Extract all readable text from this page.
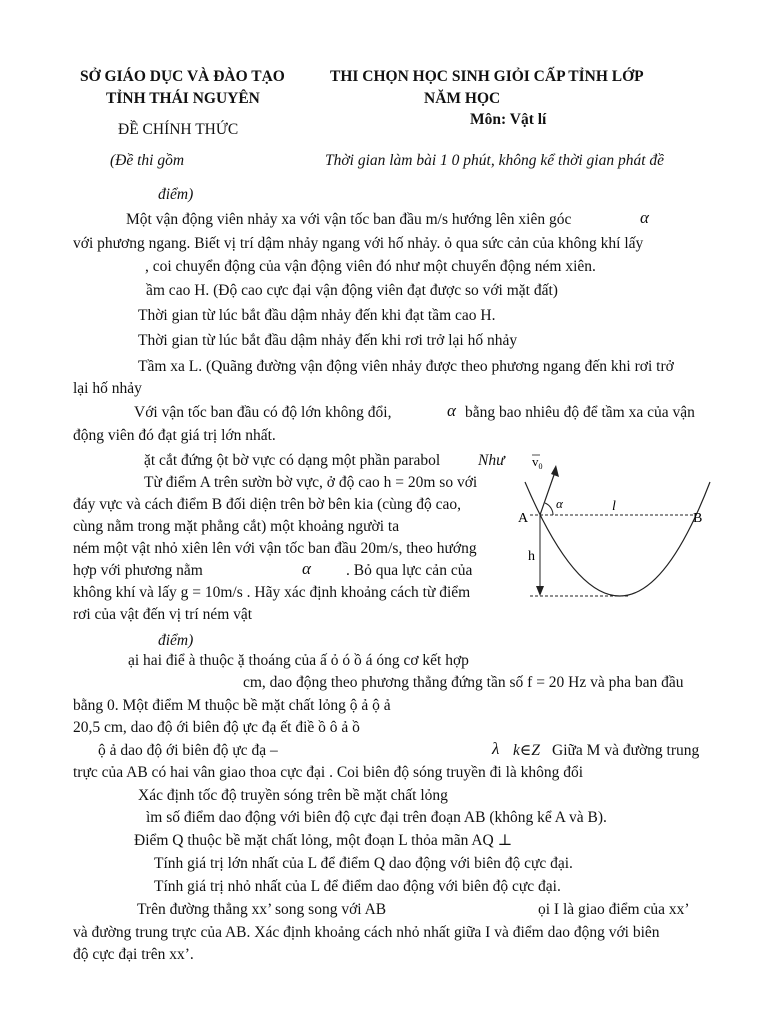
SỞ GIÁO DỤC VÀ ĐÀO TẠO
TỈNH THÁI NGUYÊN
ĐỀ CHÍNH THỨC
(Đề thi gồm
THI CHỌN HỌC SINH GIỎI CẤP TỈNH LỚP
NĂM HỌC
Môn: Vật lí
Thời gian làm bài 1 0 phút, không kể thời gian phát đề
điểm)
Một vận động viên nhảy xa với vận tốc ban đầu m/s hướng lên xiên góc	α
với phương ngang. Biết vị trí dậm nhảy ngang với hố nhảy. ỏ qua sức cản của không khí lấy
, coi chuyển động của vận động viên đó như một chuyển động ném xiên.
ầm cao H. (Độ cao cực đại vận động viên đạt được so với mặt đất)
Thời gian từ lúc bắt đầu dậm nhảy đến khi đạt tầm cao H.
Thời gian từ lúc bắt đầu dậm nhảy đến khi rơi trở lại hố nhảy
Tầm xa L. (Quãng đường vận động viên nhảy được theo phương ngang đến khi rơi trở
lại hố nhảy
Với vận tốc ban đầu có độ lớn không đổi,	α bằng bao nhiêu độ để tầm xa của vận
động viên đó đạt giá trị lớn nhất.
ặt cắt đứng ột bờ vực có dạng một phần parabol Như
Từ điểm A trên sườn bờ vực, ở độ cao h = 20m so với
đáy vực và cách điểm B đối diện trên bờ bên kia (cùng độ cao,
cùng nằm trong mặt phẳng cắt) một khoảng người ta
ném một vật nhỏ xiên lên với vận tốc ban đầu 20m/s, theo hướng
hợp với phương nằm	α . Bỏ qua lực cản của
không khí và lấy g = 10m/s . Hãy xác định khoảng cách từ điểm
rơi của vật đến vị trí ném vật
điểm)
$v_0$
α	l
A	B
h
ại hai điể à thuộc ặ thoáng của ấ ỏ ó ồ á óng cơ kết hợp
cm, dao động theo phương thẳng đứng tần số f = 20 Hz và pha ban đầu
bằng 0. Một điểm M thuộc bề mặt chất lỏng ộ ả ộ ả
20,5 cm, dao độ ới biên độ ực đạ ết điề ồ ô ả ồ
ộ ả dao độ ới biên độ ực đạ –	λ k∈Z Giữa M và đường trung
trực của AB có hai vân giao thoa cực đại . Coi biên độ sóng truyền đi là không đổi
Xác định tốc độ truyền sóng trên bề mặt chất lỏng
ìm số điểm dao động với biên độ cực đại trên đoạn AB (không kể A và B).
Điểm Q thuộc bề mặt chất lỏng, một đoạn L thỏa mãn AQ ⊥
Tính giá trị lớn nhất của L để điểm Q dao động với biên độ cực đại.
Tính giá trị nhỏ nhất của L để điểm dao động với biên độ cực đại.
Trên đường thẳng xx’ song song với AB	ọi I là giao điểm của xx’
và đường trung trực của AB. Xác định khoảng cách nhỏ nhất giữa I và điểm dao động với biên
độ cực đại trên xx’.
